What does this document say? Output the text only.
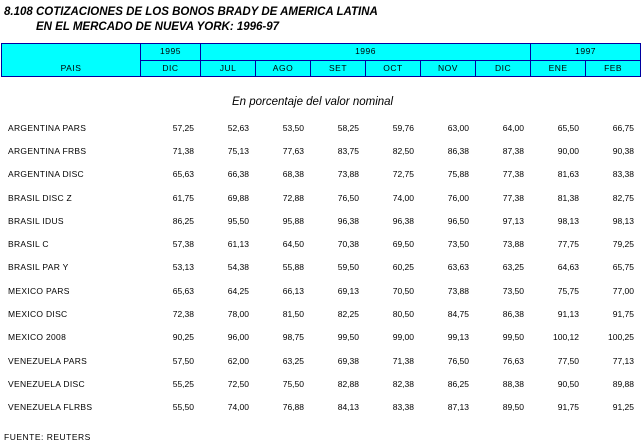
8.108 COTIZACIONES DE LOS BONOS BRADY DE AMERICA LATINA
EN EL MERCADO DE NUEVA YORK: 1996-97
PAIS	1995	1996						1997	
	DIC	JUL	AGO	SET	OCT	NOV	DIC	ENE	FEB
En porcentaje del valor nominal
ARGENTINA PARS	57,25	52,63	53,50	58,25	59,76	63,00	64,00	65,50	66,75
ARGENTINA FRBS	71,38	75,13	77,63	83,75	82,50	86,38	87,38	90,00	90,38
ARGENTINA DISC	65,63	66,38	68,38	73,88	72,75	75,88	77,38	81,63	83,38
BRASIL DISC Z	61,75	69,88	72,88	76,50	74,00	76,00	77,38	81,38	82,75
BRASIL IDUS	86,25	95,50	95,88	96,38	96,38	96,50	97,13	98,13	98,13
BRASIL C	57,38	61,13	64,50	70,38	69,50	73,50	73,88	77,75	79,25
BRASIL PAR Y	53,13	54,38	55,88	59,50	60,25	63,63	63,25	64,63	65,75
MEXICO PARS	65,63	64,25	66,13	69,13	70,50	73,88	73,50	75,75	77,00
MEXICO DISC	72,38	78,00	81,50	82,25	80,50	84,75	86,38	91,13	91,75
MEXICO 2008	90,25	96,00	98,75	99,50	99,00	99,13	99,50	100,12	100,25
VENEZUELA PARS	57,50	62,00	63,25	69,38	71,38	76,50	76,63	77,50	77,13
VENEZUELA DISC	55,25	72,50	75,50	82,88	82,38	86,25	88,38	90,50	89,88
VENEZUELA FLRBS	55,50	74,00	76,88	84,13	83,38	87,13	89,50	91,75	91,25
FUENTE: REUTERS
